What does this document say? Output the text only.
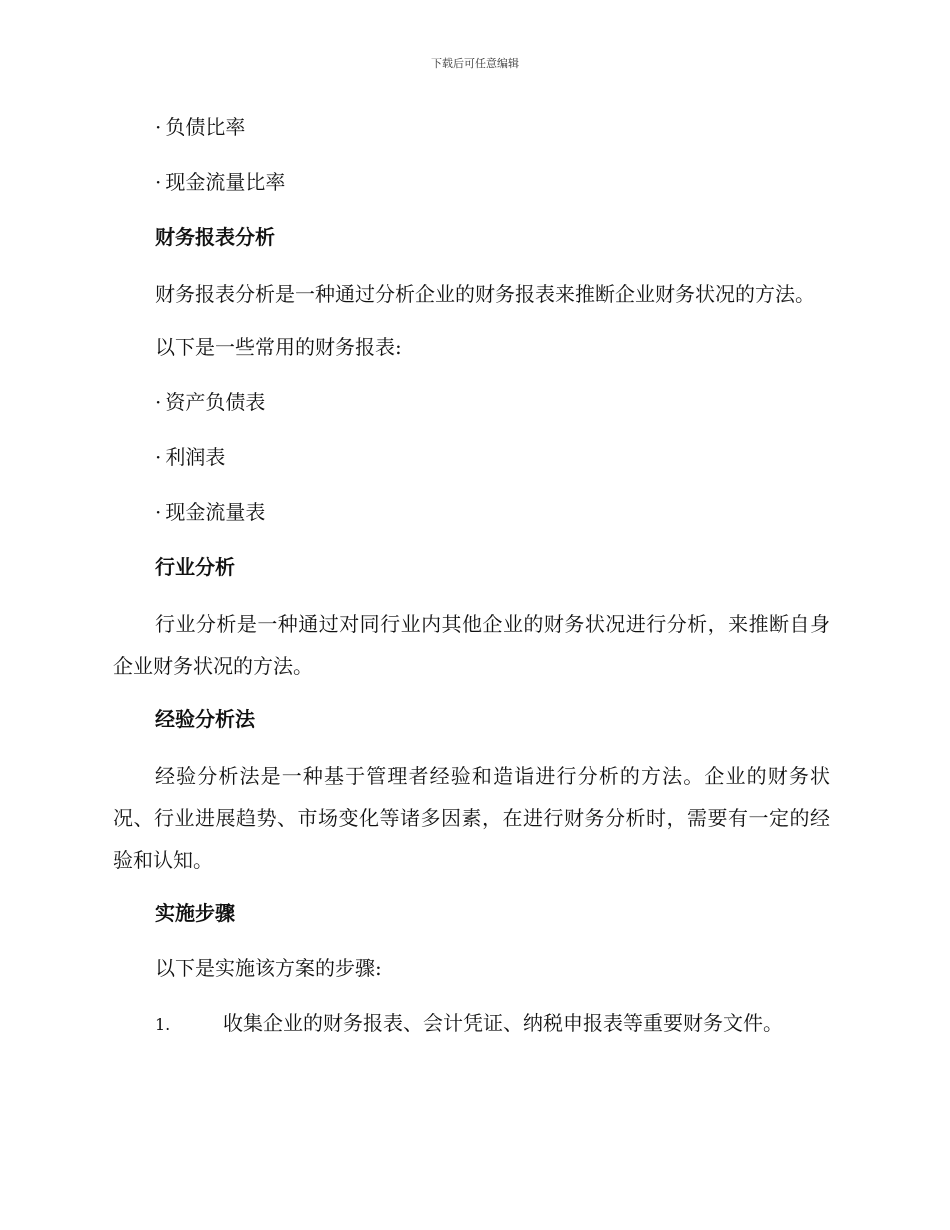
下载后可任意编辑

· 负债比率

· 现金流量比率

财务报表分析

财务报表分析是一种通过分析企业的财务报表来推断企业财务状况的方法。

以下是一些常用的财务报表:

· 资产负债表

· 利润表

· 现金流量表

行业分析

行业分析是一种通过对同行业内其他企业的财务状况进行分析，来推断自身企业财务状况的方法。

经验分析法

经验分析法是一种基于管理者经验和造诣进行分析的方法。企业的财务状况、行业进展趋势、市场变化等诸多因素，在进行财务分析时，需要有一定的经验和认知。

实施步骤

以下是实施该方案的步骤:

1.	收集企业的财务报表、会计凭证、纳税申报表等重要财务文件。
